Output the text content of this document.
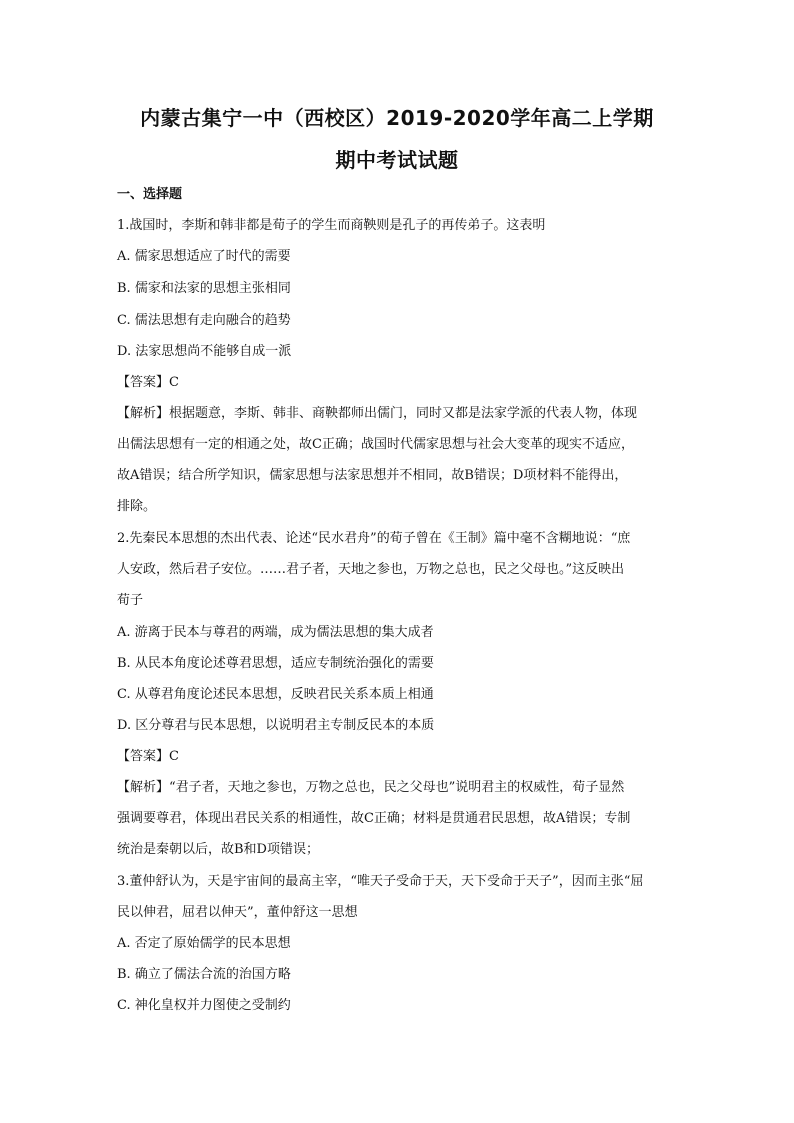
内蒙古集宁一中（西校区）2019-2020学年高二上学期
期中考试试题
一、选择题
1.战国时，李斯和韩非都是荀子的学生而商鞅则是孔子的再传弟子。这表明
A. 儒家思想适应了时代的需要
B. 儒家和法家的思想主张相同
C. 儒法思想有走向融合的趋势
D. 法家思想尚不能够自成一派
【答案】C
【解析】根据题意，李斯、韩非、商鞅都师出儒门，同时又都是法家学派的代表人物，体现
出儒法思想有一定的相通之处，故C正确；战国时代儒家思想与社会大变革的现实不适应，
故A错误；结合所学知识，儒家思想与法家思想并不相同，故B错误；D项材料不能得出，
排除。
2.先秦民本思想的杰出代表、论述“民水君舟”的荀子曾在《王制》篇中毫不含糊地说：“庶
人安政，然后君子安位。……君子者，天地之参也，万物之总也，民之父母也。”这反映出
荀子
A. 游离于民本与尊君的两端，成为儒法思想的集大成者
B. 从民本角度论述尊君思想，适应专制统治强化的需要
C. 从尊君角度论述民本思想，反映君民关系本质上相通
D. 区分尊君与民本思想，以说明君主专制反民本的本质
【答案】C
【解析】“君子者，天地之参也，万物之总也，民之父母也”说明君主的权威性，荀子显然
强调要尊君，体现出君民关系的相通性，故C正确；材料是贯通君民思想，故A错误；专制
统治是秦朝以后，故B和D项错误；
3.董仲舒认为，天是宇宙间的最高主宰，“唯天子受命于天，天下受命于天子”，因而主张“屈
民以伸君，屈君以伸天”，董仲舒这一思想
A. 否定了原始儒学的民本思想
B. 确立了儒法合流的治国方略
C. 神化皇权并力图使之受制约
